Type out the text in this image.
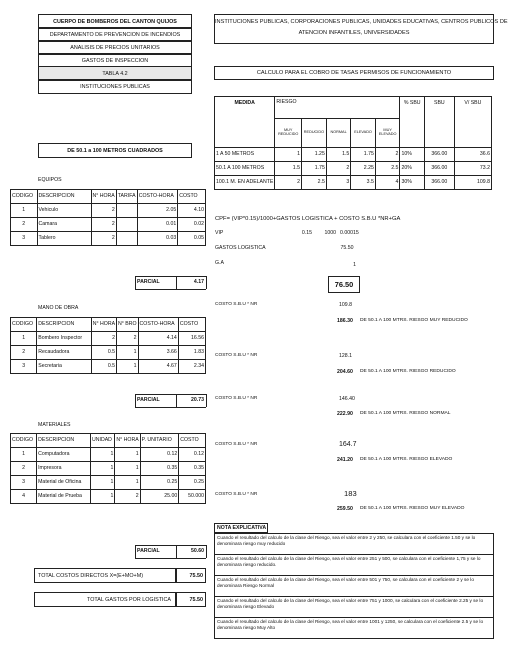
CUERPO DE BOMBEROS DEL CANTON QUIJOS
DEPARTAMENTO DE PREVENCION DE INCENDIOS
ANALISIS DE PRECIOS UNITARIOS
GASTOS DE INSPECCION
TABLA 4.2
INSTITUCIONES PUBLICAS
DE 50.1 a 100 METROS CUADRADOS
EQUIPOS
CODIGO	DESCRIPCION	N° HORA	TARIFA	COSTO-HORA	COSTO
1	Vehiculo	2		2.05	4.10
2	Camara	2		0.01	0.02
3	Tablero	2		0.03	0.05
PARCIAL	4.17
MANO DE OBRA
CODIGO	DESCRIPCION	N° HORA	N° BRO	COSTO-HORA	COSTO
1	Bombero Inspector	2	2	4.14	16.56
2	Recaudadora	0.5	1	3.66	1.83
3	Secretaria	0.5	1	4.67	2.34
PARCIAL	20.73
MATERIALES
CODIGO	DESCRIPCION	UNIDAD	N° HORA	P. UNITARIO	COSTO
1	Computadora	1	1	0.12	0.12
2	Impresora	1	1	0.35	0.35
3	Material de Oficina	1	1	0.25	0.25
4	Material de Prueba	1	2	25.00	50.000
PARCIAL	50.60
TOTAL COSTOS DIRECTOS X=(E+MO+M)	75.50
TOTAL GASTOS POR LOGISTICA	75.50
INSTITUCIONES PUBLICAS, CORPORACIONES PUBLICAS, UNIDADES EDUCATIVAS, CENTROS PUBLICOS DE
ATENCION INFANTILES, UNIVERSIDADES
CALCULO PARA EL COBRO DE TASAS PERMISOS DE FUNCIONAMIENTO
MEDIDA	RIESGO					% SBU	SBU	V/ SBU
	MUY REDUCIDO	REDUCIDO	NORMAL	ELEVADO	MUY ELEVADO			
1 A 50 METROS	1	1.25	1.5	1.75	2	10%	366.00	36.6
50.1 A 100 METROS	1.5	1.75	2	2.25	2.5	20%	366.00	73.2
100.1 M. EN ADELANTE	2	2.5	3	3.5	4	30%	366.00	109.8
CPF= (VIP*0.15)/1000+GASTOS LOGISTICA + COSTO S.B.U *NR+GA
VIP	0.15	1000 0.00015
GASTOS LOGISTICA	75.50
G.A	1
76.50
COSTO S.B.U * NR	109.8
186.30 DE 50.1 A 100 MTRS. RIESGO MUY REDUCIDO
COSTO S.B.U * NR	128.1
204.60 DE 50.1 A 100 MTRS. RIESGO REDUCIDO
COSTO S.B.U * NR	146.40
222.90 DE 50.1 A 100 MTRS. RIESGO NORMAL
COSTO S.B.U * NR	164.7
241.20 DE 50.1 A 100 MTRS. RIESGO ELEVADO
COSTO S.B.U * NR	183
259.50 DE 50.1 A 100 MTRS. RIESGO MUY ELEVADO
NOTA EXPLICATIVA
Cuando el resultado del calculo de la clase del Riesgo, sea el valor entre 2 y 250, se calculara con el coeficiente 1.50 y se lo denominara riesgo muy reducido
Cuando el resultado del calculo de la clase del Riesgo, sea el valor entre 251 y 500, se calculara con el coeficiente 1,75 y se lo denominara riesgo reducido.
Cuando el resultado del calculo de la clase del Riesgo, sea el valor entre 501 y 750, se calculara con el coeficiente 2 y se lo denominara Riesgo Normal
Cuando el resultado del calculo de la clase del Riesgo, sea el valor entre 751 y 1000, se calculara con el coeficiente 2.25 y se lo denominara riesgo Elevado
Cuando el resultado del calculo de la clase del Riesgo, sea el valor entre 1001 y 1250, se calculara con el coeficiente 2.5 y se lo denominara riesgo Muy Alto
